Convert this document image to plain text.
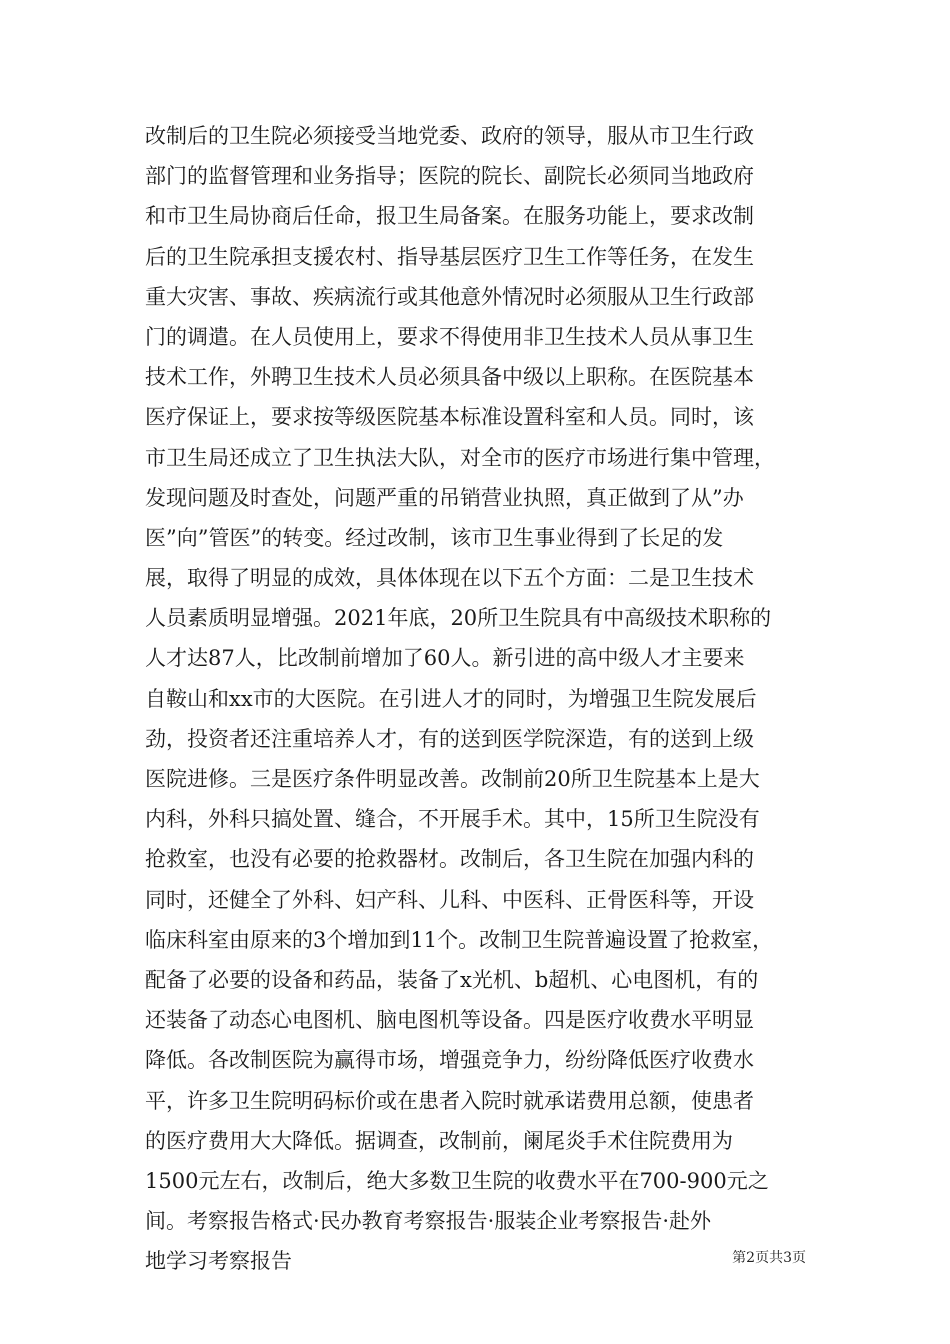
改制后的卫生院必须接受当地党委、政府的领导，服从市卫生行政
部门的监督管理和业务指导；医院的院长、副院长必须同当地政府
和市卫生局协商后任命，报卫生局备案。在服务功能上，要求改制
后的卫生院承担支援农村、指导基层医疗卫生工作等任务，在发生
重大灾害、事故、疾病流行或其他意外情况时必须服从卫生行政部
门的调遣。在人员使用上，要求不得使用非卫生技术人员从事卫生
技术工作，外聘卫生技术人员必须具备中级以上职称。在医院基本
医疗保证上，要求按等级医院基本标准设置科室和人员。同时，该
市卫生局还成立了卫生执法大队，对全市的医疗市场进行集中管理，
发现问题及时查处，问题严重的吊销营业执照，真正做到了从”办
医”向”管医”的转变。经过改制，该市卫生事业得到了长足的发
展，取得了明显的成效，具体体现在以下五个方面：二是卫生技术
人员素质明显增强。2021年底，20所卫生院具有中高级技术职称的
人才达87人，比改制前增加了60人。新引进的高中级人才主要来
自鞍山和xx市的大医院。在引进人才的同时，为增强卫生院发展后
劲，投资者还注重培养人才，有的送到医学院深造，有的送到上级
医院进修。三是医疗条件明显改善。改制前20所卫生院基本上是大
内科，外科只搞处置、缝合，不开展手术。其中，15所卫生院没有
抢救室，也没有必要的抢救器材。改制后，各卫生院在加强内科的
同时，还健全了外科、妇产科、儿科、中医科、正骨医科等，开设
临床科室由原来的3个增加到11个。改制卫生院普遍设置了抢救室，
配备了必要的设备和药品，装备了x光机、b超机、心电图机，有的
还装备了动态心电图机、脑电图机等设备。四是医疗收费水平明显
降低。各改制医院为赢得市场，增强竞争力，纷纷降低医疗收费水
平，许多卫生院明码标价或在患者入院时就承诺费用总额，使患者
的医疗费用大大降低。据调查，改制前，阑尾炎手术住院费用为
1500元左右，改制后，绝大多数卫生院的收费水平在700-900元之
间。考察报告格式·民办教育考察报告·服装企业考察报告·赴外
地学习考察报告	第2页共3页
